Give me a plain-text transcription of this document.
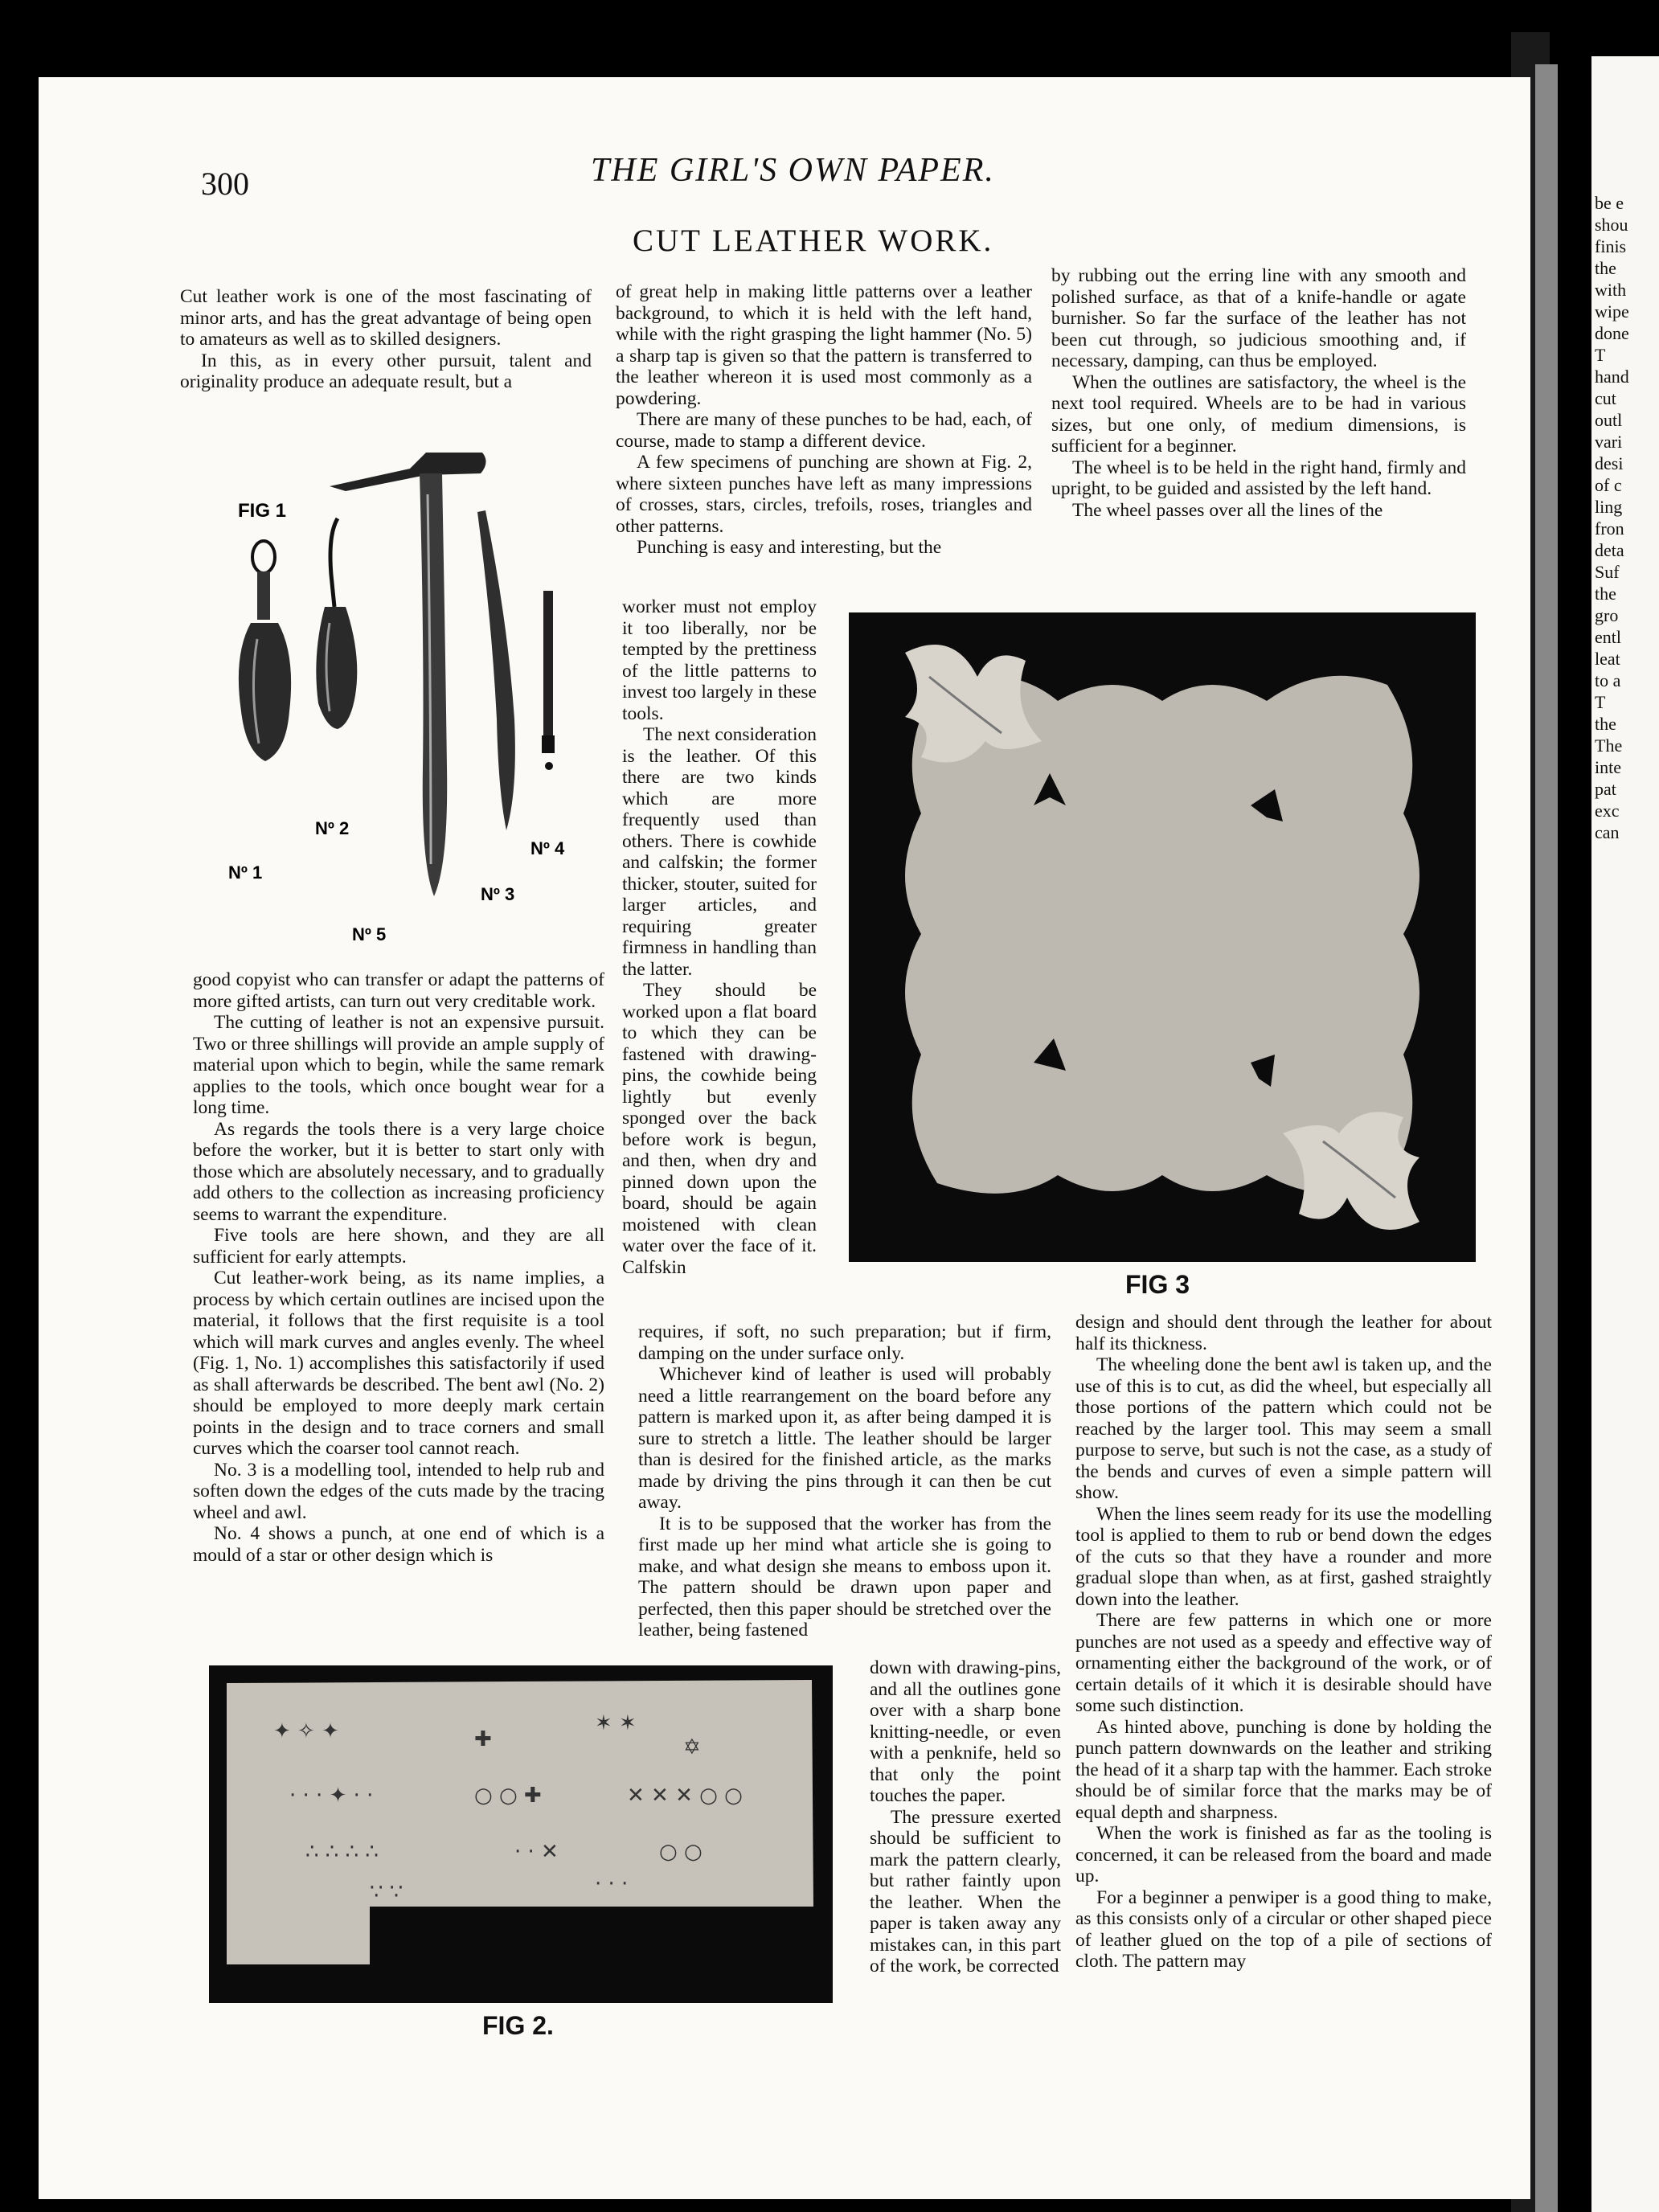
be e
shou
finis
the
with
wipe
done
T
hand
cut
outl
vari
desi
of c
ling
fron
deta
Suf
the
gro
entl
leat
to a
T
the
The
inte
pat
exc
can
300	THE GIRL'S OWN PAPER.
CUT LEATHER WORK.

Cut leather work is one of the most fascinating of minor arts, and has the great advantage of being open to amateurs as well as to skilled designers.

In this, as in every other pursuit, talent and originality produce an adequate result, but a

FIG 1
Nº 1
Nº 2
Nº 3
Nº 4
Nº 5

good copyist who can transfer or adapt the patterns of more gifted artists, can turn out very creditable work.

The cutting of leather is not an expensive pursuit. Two or three shillings will provide an ample supply of material upon which to begin, while the same remark applies to the tools, which once bought wear for a long time.

As regards the tools there is a very large choice before the worker, but it is better to start only with those which are absolutely necessary, and to gradually add others to the collection as increasing proficiency seems to warrant the expenditure.

Five tools are here shown, and they are all sufficient for early attempts.

Cut leather-work being, as its name implies, a process by which certain outlines are incised upon the material, it follows that the first requisite is a tool which will mark curves and angles evenly. The wheel (Fig. 1, No. 1) accomplishes this satisfactorily if used as shall afterwards be described. The bent awl (No. 2) should be employed to more deeply mark certain points in the design and to trace corners and small curves which the coarser tool cannot reach.

No. 3 is a modelling tool, intended to help rub and soften down the edges of the cuts made by the tracing wheel and awl.

No. 4 shows a punch, at one end of which is a mould of a star or other design which is

of great help in making little patterns over a leather background, to which it is held with the left hand, while with the right grasping the light hammer (No. 5) a sharp tap is given so that the pattern is transferred to the leather whereon it is used most commonly as a powdering.

There are many of these punches to be had, each, of course, made to stamp a different device.

A few specimens of punching are shown at Fig. 2, where sixteen punches have left as many impressions of crosses, stars, circles, trefoils, roses, triangles and other patterns.

Punching is easy and interesting, but the

worker must not employ it too liberally, nor be tempted by the prettiness of the little patterns to invest too largely in these tools.

The next consideration is the leather. Of this there are two kinds which are more frequently used than others. There is cowhide and calfskin; the former thicker, stouter, suited for larger articles, and requiring greater firmness in handling than the latter.

They should be worked upon a flat board to which they can be fastened with drawing-pins, the cowhide being lightly but evenly sponged over the back before work is begun, and then, when dry and pinned down upon the board, should be again moistened with clean water over the face of it. Calfskin

requires, if soft, no such preparation; but if firm, damping on the under surface only.

Whichever kind of leather is used will probably need a little rearrangement on the board before any pattern is marked upon it, as after being damped it is sure to stretch a little. The leather should be larger than is desired for the finished article, as the marks made by driving the pins through it can then be cut away.

It is to be supposed that the worker has from the first made up her mind what article she is going to make, and what design she means to emboss upon it. The pattern should be drawn upon paper and perfected, then this paper should be stretched over the leather, being fastened

down with drawing-pins, and all the outlines gone over with a sharp bone knitting-needle, or even with a penknife, held so that only the point touches the paper.

The pressure exerted should be sufficient to mark the pattern clearly, but rather faintly upon the leather. When the paper is taken away any mistakes can, in this part of the work, be corrected

by rubbing out the erring line with any smooth and polished surface, as that of a knife-handle or agate burnisher. So far the surface of the leather has not been cut through, so judicious smoothing and, if necessary, damping, can thus be employed.

When the outlines are satisfactory, the wheel is the next tool required. Wheels are to be had in various sizes, but one only, of medium dimensions, is sufficient for a beginner.

The wheel is to be held in the right hand, firmly and upright, to be guided and assisted by the left hand.

The wheel passes over all the lines of the

design and should dent through the leather for about half its thickness.

The wheeling done the bent awl is taken up, and the use of this is to cut, as did the wheel, but especially all those portions of the pattern which could not be reached by the larger tool. This may seem a small purpose to serve, but such is not the case, as a study of the bends and curves of even a simple pattern will show.

When the lines seem ready for its use the modelling tool is applied to them to rub or bend down the edges of the cuts so that they have a rounder and more gradual slope than when, as at first, gashed straightly down into the leather.

There are few patterns in which one or more punches are not used as a speedy and effective way of ornamenting either the background of the work, or of certain details of it which it is desirable should have some such distinction.

As hinted above, punching is done by holding the punch pattern downwards on the leather and striking the head of it a sharp tap with the hammer. Each stroke should be of similar force that the marks may be of equal depth and sharpness.

When the work is finished as far as the tooling is concerned, it can be released from the board and made up.

For a beginner a penwiper is a good thing to make, as this consists only of a circular or other shaped piece of leather glued on the top of a pile of sections of cloth. The pattern may

FIG 3
✦ ✧ ✦	✚
✶ ✶
✡
· · · ✦ · ·	○ ○ ✚	✕ ✕ ✕ ○ ○
∴ ∴ ∴ ∴	· · ✕	○ ○
∵ ∵	· · ·
FIG 2.
